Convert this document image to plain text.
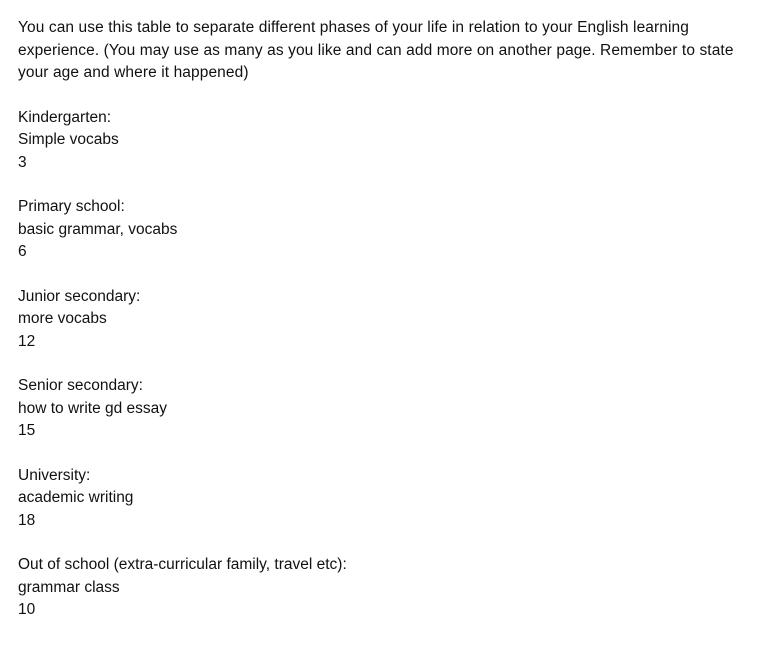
You can use this table to separate different phases of your life in relation to your English learning experience. (You may use as many as you like and can add more on another page. Remember to state your age and where it happened)

Kindergarten:
Simple vocabs
3
Primary school:
basic grammar, vocabs
6
Junior secondary:
more vocabs
12
Senior secondary:
how to write gd essay
15
University:
academic writing
18
Out of school (extra-curricular family, travel etc):
grammar class
10
